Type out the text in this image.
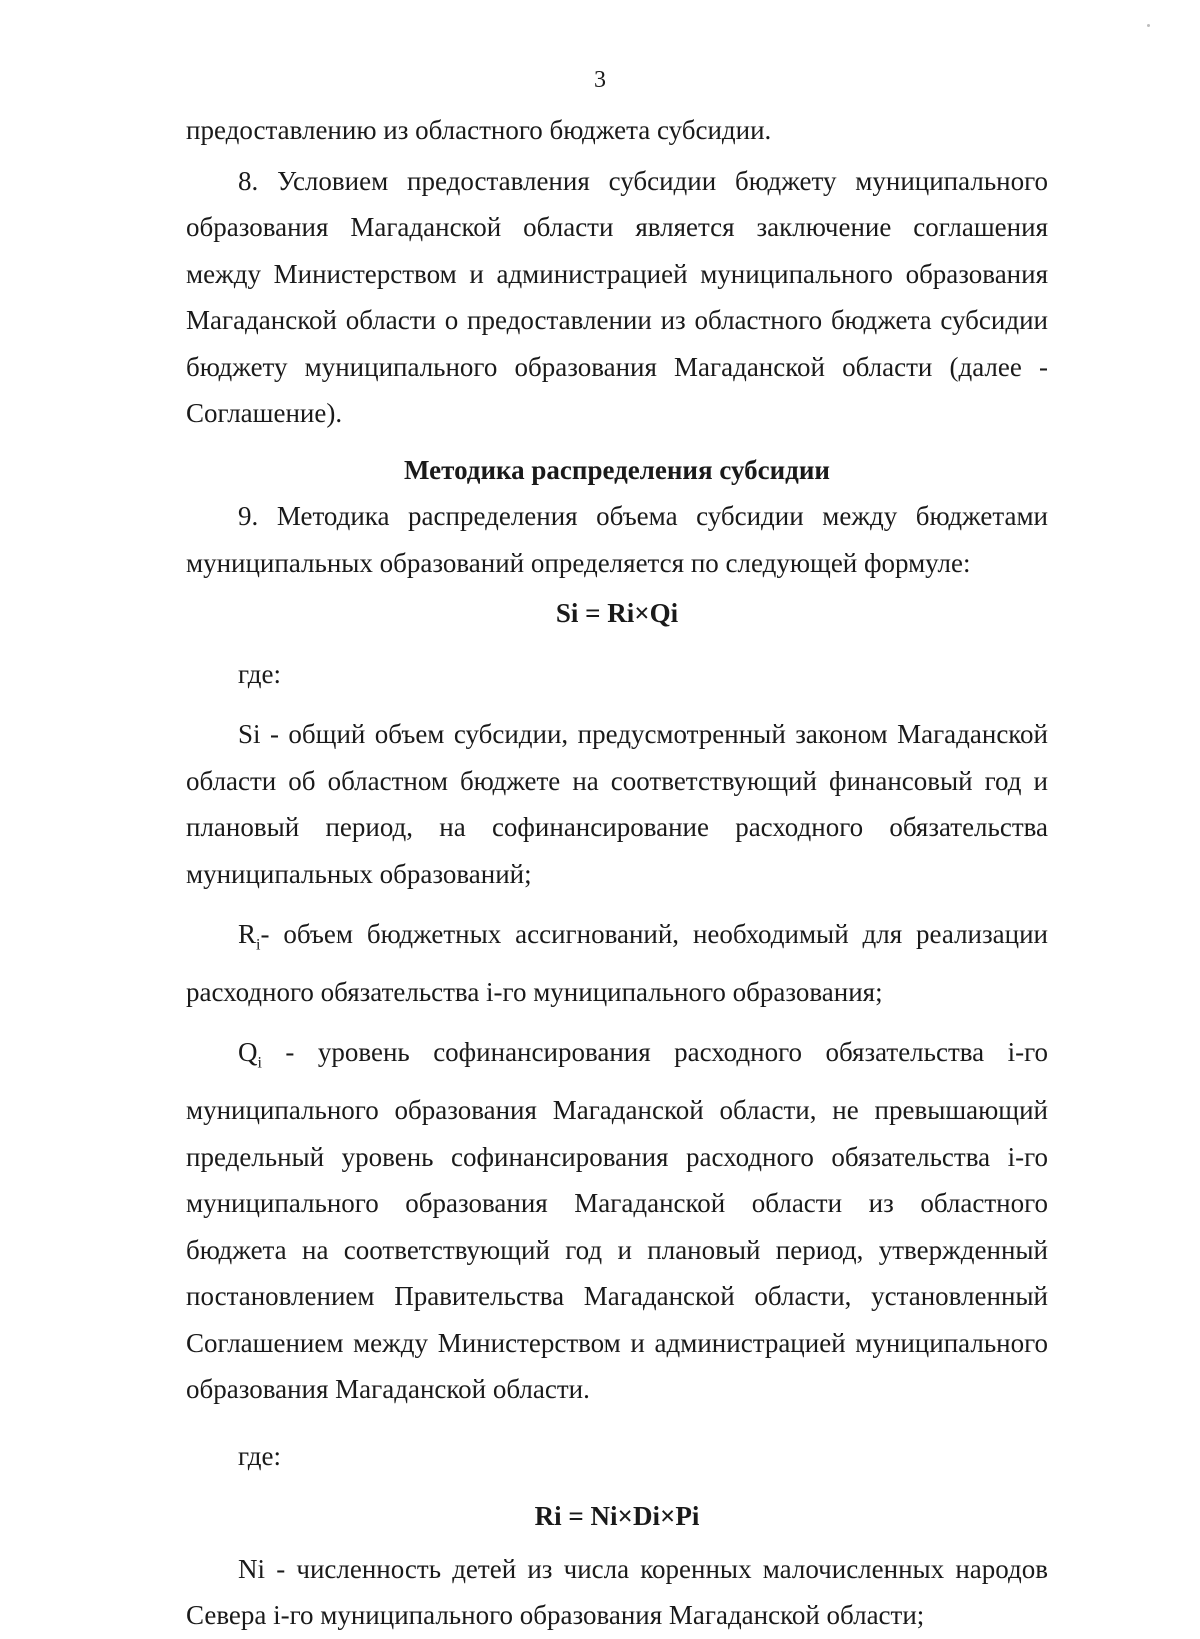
3

предоставлению из областного бюджета субсидии.

8. Условием предоставления субсидии бюджету муниципального образования Магаданской области является заключение соглашения между Министерством и администрацией муниципального образования Магаданской области о предоставлении из областного бюджета субсидии бюджету муниципального образования Магаданской области (далее - Соглашение).

Методика распределения субсидии

9. Методика распределения объема субсидии между бюджетами муниципальных образований определяется по следующей формуле:

Si = Ri×Qi

где:

Si - общий объем субсидии, предусмотренный законом Магаданской области об областном бюджете на соответствующий финансовый год и плановый период, на софинансирование расходного обязательства муниципальных образований;

$R_i-$ объем бюджетных ассигнований, необходимый для реализации расходного обязательства i-го муниципального образования;

$Q_i$ - уровень софинансирования расходного обязательства i-го муниципального образования Магаданской области, не превышающий предельный уровень софинансирования расходного обязательства i-го муниципального образования Магаданской области из областного бюджета на соответствующий год и плановый период, утвержденный постановлением Правительства Магаданской области, установленный Соглашением между Министерством и администрацией муниципального образования Магаданской области.

где:

Ri = Ni×Di×Pi

Ni - численность детей из числа коренных малочисленных народов Севера i-го муниципального образования Магаданской области;
